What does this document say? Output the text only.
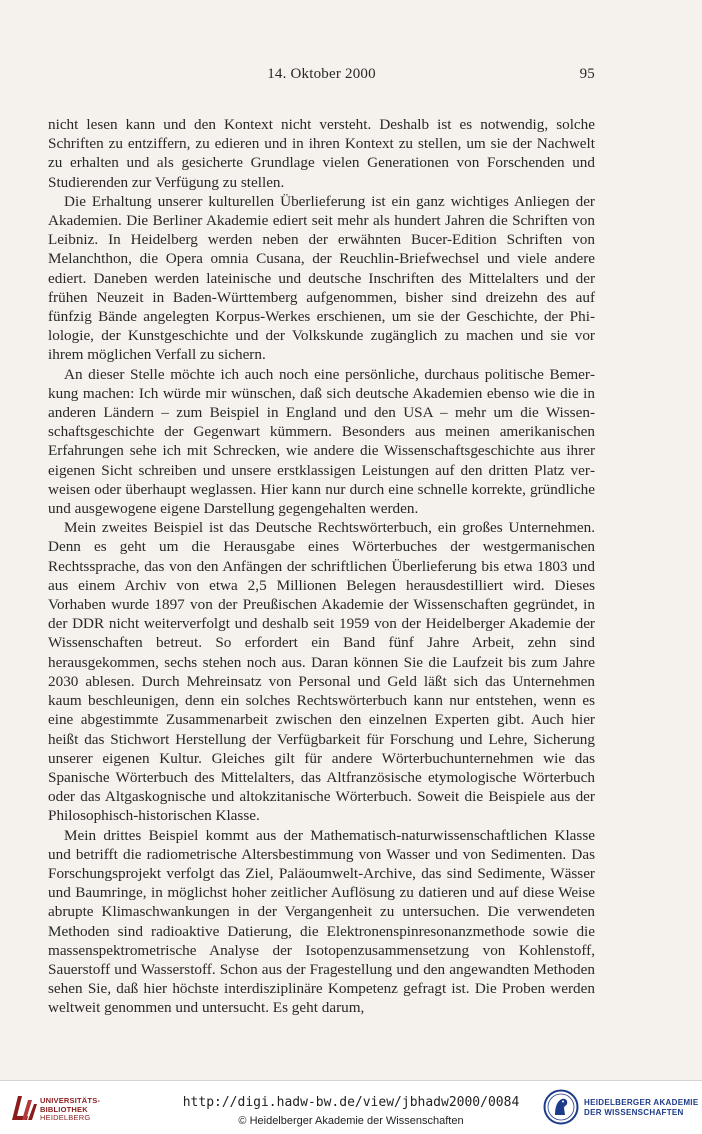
14. Oktober 2000	95

nicht lesen kann und den Kontext nicht versteht. Deshalb ist es notwendig, solche Schriften zu entziffern, zu edieren und in ihren Kontext zu stellen, um sie der Nachwelt zu erhalten und als gesicherte Grundlage vielen Generationen von Forschenden und Studierenden zur Verfügung zu stellen.

Die Erhaltung unserer kulturellen Überlieferung ist ein ganz wichtiges Anliegen der Akademien. Die Berliner Akademie ediert seit mehr als hundert Jahren die Schriften von Leibniz. In Heidelberg werden neben der erwähnten Bucer-Edition Schriften von Melanchthon, die Opera omnia Cusana, der Reuchlin-Briefwechsel und viele andere ediert. Daneben werden lateinische und deutsche Inschriften des Mittelalters und der frühen Neuzeit in Baden-Württemberg aufgenommen, bisher sind dreizehn des auf fünfzig Bände angelegten Korpus-Werkes erschienen, um sie der Geschichte, der Philologie, der Kunstgeschichte und der Volkskunde zugänglich zu machen und sie vor ihrem möglichen Verfall zu sichern.

An dieser Stelle möchte ich auch noch eine persönliche, durchaus politische Bemerkung machen: Ich würde mir wünschen, daß sich deutsche Akademien ebenso wie die in anderen Ländern – zum Beispiel in England und den USA – mehr um die Wissenschaftsgeschichte der Gegenwart kümmern. Besonders aus meinen amerikanischen Erfahrungen sehe ich mit Schrecken, wie andere die Wissenschaftsgeschichte aus ihrer eigenen Sicht schreiben und unsere erstklassigen Leistungen auf den dritten Platz verweisen oder überhaupt weglassen. Hier kann nur durch eine schnelle korrekte, gründliche und ausgewogene eigene Darstellung gegengehalten werden.

Mein zweites Beispiel ist das Deutsche Rechtswörterbuch, ein großes Unternehmen. Denn es geht um die Herausgabe eines Wörterbuches der westgermanischen Rechtssprache, das von den Anfängen der schriftlichen Überlieferung bis etwa 1803 und aus einem Archiv von etwa 2,5 Millionen Belegen herausdestilliert wird. Dieses Vorhaben wurde 1897 von der Preußischen Akademie der Wissenschaften gegründet, in der DDR nicht weiterverfolgt und deshalb seit 1959 von der Heidelberger Akademie der Wissenschaften betreut. So erfordert ein Band fünf Jahre Arbeit, zehn sind herausgekommen, sechs stehen noch aus. Daran können Sie die Laufzeit bis zum Jahre 2030 ablesen. Durch Mehreinsatz von Personal und Geld läßt sich das Unternehmen kaum beschleunigen, denn ein solches Rechtswörterbuch kann nur entstehen, wenn es eine abgestimmte Zusammenarbeit zwischen den einzelnen Experten gibt. Auch hier heißt das Stichwort Herstellung der Verfügbarkeit für Forschung und Lehre, Sicherung unserer eigenen Kultur. Gleiches gilt für andere Wörterbuchunternehmen wie das Spanische Wörterbuch des Mittelalters, das Altfranzösische etymologische Wörterbuch oder das Altgaskognische und altokzitanische Wörterbuch. Soweit die Beispiele aus der Philosophisch-historischen Klasse.

Mein drittes Beispiel kommt aus der Mathematisch-naturwissenschaftlichen Klasse und betrifft die radiometrische Altersbestimmung von Wasser und von Sedimenten. Das Forschungsprojekt verfolgt das Ziel, Paläoumwelt-Archive, das sind Sedimente, Wässer und Baumringe, in möglichst hoher zeitlicher Auflösung zu datieren und auf diese Weise abrupte Klimaschwankungen in der Vergangenheit zu untersuchen. Die verwendeten Methoden sind radioaktive Datierung, die Elektronenspinresonanzmethode sowie die massenspektrometrische Analyse der Isotopenzusammensetzung von Kohlenstoff, Sauerstoff und Wasserstoff. Schon aus der Fragestellung und den angewandten Methoden sehen Sie, daß hier höchste interdisziplinäre Kompetenz gefragt ist. Die Proben werden weltweit genommen und untersucht. Es geht darum,

UNIVERSITÄTS-
BIBLIOTHEK
HEIDELBERG
http://digi.hadw-bw.de/view/jbhadw2000/0084
© Heidelberger Akademie der Wissenschaften
HEIDELBERGER AKADEMIE
DER WISSENSCHAFTEN
